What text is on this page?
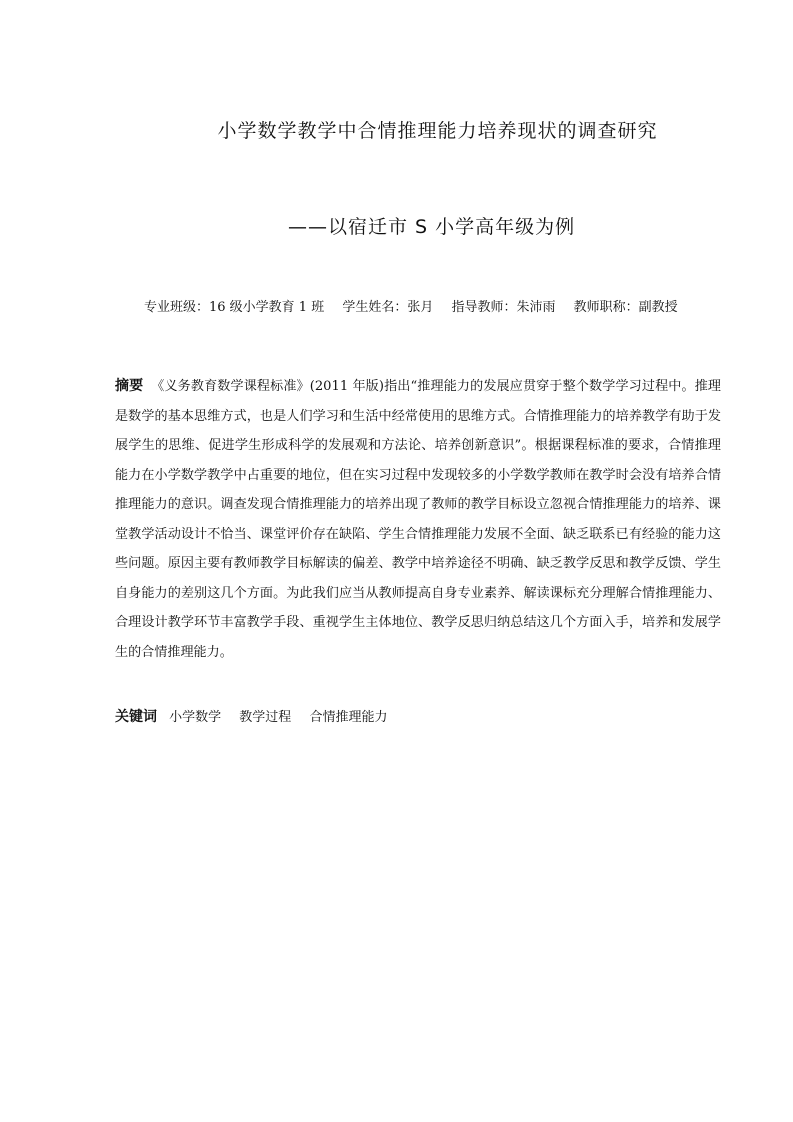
小学数学教学中合情推理能力培养现状的调查研究
——以宿迁市 S 小学高年级为例
专业班级：16 级小学教育 1 班 学生姓名：张月 指导教师：朱沛雨 教师职称：副教授

摘要 《义务教育数学课程标准》(2011 年版)指出“推理能力的发展应贯穿于整个数学学习过程中。推理是数学的基本思维方式，也是人们学习和生活中经常使用的思维方式。合情推理能力的培养教学有助于发展学生的思维、促进学生形成科学的发展观和方法论、培养创新意识”。根据课程标准的要求，合情推理能力在小学数学教学中占重要的地位，但在实习过程中发现较多的小学数学教师在教学时会没有培养合情推理能力的意识。调查发现合情推理能力的培养出现了教师的教学目标设立忽视合情推理能力的培养、课堂教学活动设计不恰当、课堂评价存在缺陷、学生合情推理能力发展不全面、缺乏联系已有经验的能力这些问题。原因主要有教师教学目标解读的偏差、教学中培养途径不明确、缺乏教学反思和教学反馈、学生自身能力的差别这几个方面。为此我们应当从教师提高自身专业素养、解读课标充分理解合情推理能力、合理设计教学环节丰富教学手段、重视学生主体地位、教学反思归纳总结这几个方面入手，培养和发展学生的合情推理能力。

关键词 小学数学 教学过程 合情推理能力
